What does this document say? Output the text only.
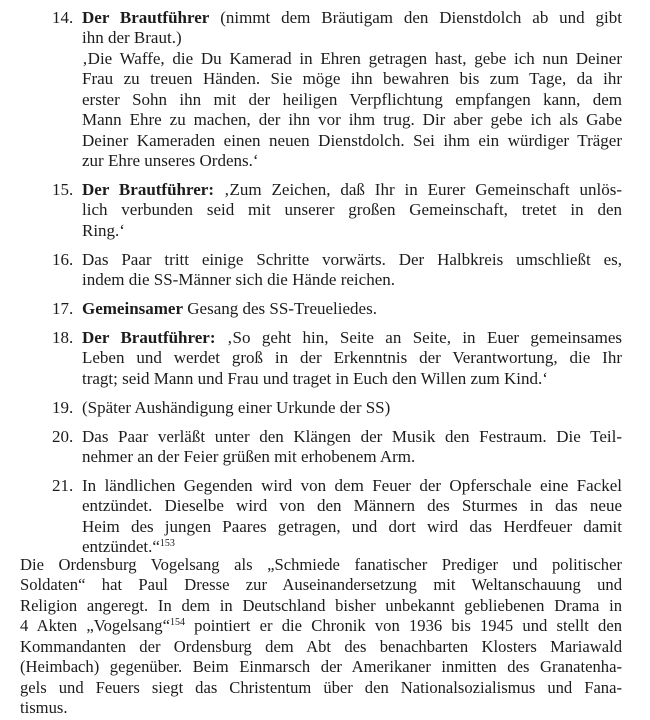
14. Der Brautführer (nimmt dem Bräutigam den Dienstdolch ab und gibt
ihn der Braut.)
‚Die Waffe, die Du Kamerad in Ehren getragen hast, gebe ich nun Deiner
Frau zu treuen Händen. Sie möge ihn bewahren bis zum Tage, da ihr
erster Sohn ihn mit der heiligen Verpflichtung empfangen kann, dem
Mann Ehre zu machen, der ihn vor ihm trug. Dir aber gebe ich als Gabe
Deiner Kameraden einen neuen Dienstdolch. Sei ihm ein würdiger Träger
zur Ehre unseres Ordens.‘
15. Der Brautführer: ‚Zum Zeichen, daß Ihr in Eurer Gemeinschaft unlös-
lich verbunden seid mit unserer großen Gemeinschaft, tretet in den
Ring.‘
16. Das Paar tritt einige Schritte vorwärts. Der Halbkreis umschließt es,
indem die SS-Männer sich die Hände reichen.
17. Gemeinsamer Gesang des SS-Treueliedes.
18. Der Brautführer: ‚So geht hin, Seite an Seite, in Euer gemeinsames
Leben und werdet groß in der Erkenntnis der Verantwortung, die Ihr
tragt; seid Mann und Frau und traget in Euch den Willen zum Kind.‘
19. (Später Aushändigung einer Urkunde der SS)
20. Das Paar verläßt unter den Klängen der Musik den Festraum. Die Teil-
nehmer an der Feier grüßen mit erhobenem Arm.
21. In ländlichen Gegenden wird von dem Feuer der Opferschale eine Fackel
entzündet. Dieselbe wird von den Männern des Sturmes in das neue
Heim des jungen Paares getragen, und dort wird das Herdfeuer damit
entzündet.“$^{153}$
Die Ordensburg Vogelsang als „Schmiede fanatischer Prediger und politischer
Soldaten“ hat Paul Dresse zur Auseinandersetzung mit Weltanschauung und
Religion angeregt. In dem in Deutschland bisher unbekannt gebliebenen Drama in
4 Akten „Vogelsang“$^{154}$ pointiert er die Chronik von 1936 bis 1945 und stellt den
Kommandanten der Ordensburg dem Abt des benachbarten Klosters Mariawald
(Heimbach) gegenüber. Beim Einmarsch der Amerikaner inmitten des Granatenha-
gels und Feuers siegt das Christentum über den Nationalsozialismus und Fana-
tismus.
